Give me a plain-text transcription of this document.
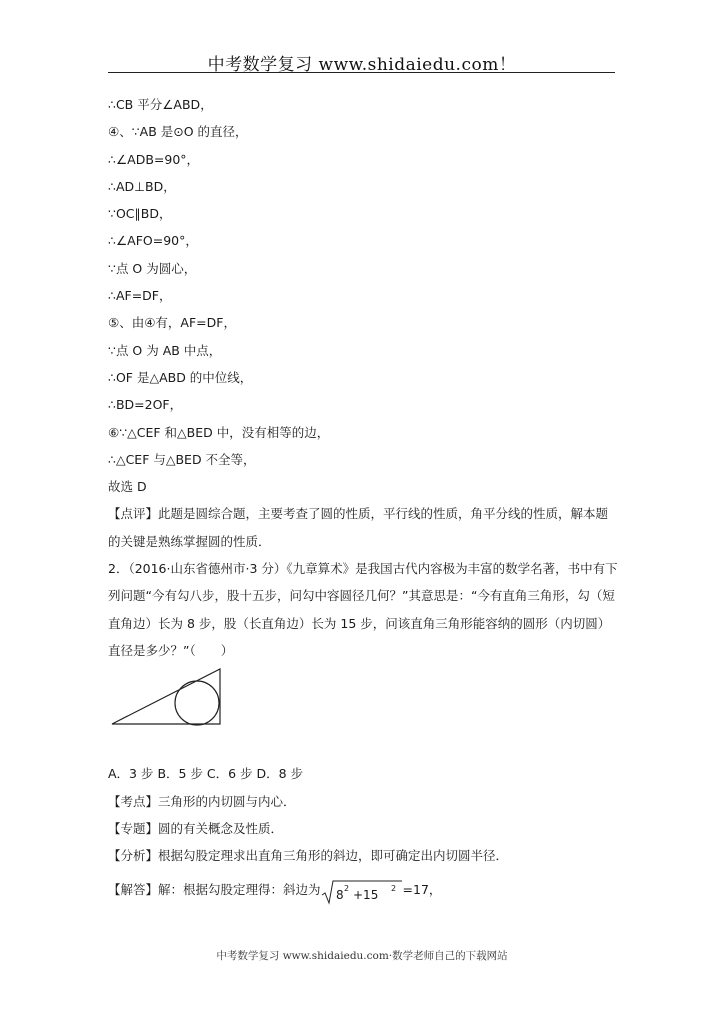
中考数学复习 www.shidaiedu.com！
∴CB 平分∠ABD，
④、∵AB 是⊙O 的直径，
∴∠ADB=90°，
∴AD⊥BD，
∵OC∥BD，
∴∠AFO=90°，
∵点 O 为圆心，
∴AF=DF，
⑤、由④有，AF=DF，
∵点 O 为 AB 中点，
∴OF 是△ABD 的中位线，
∴BD=2OF，
⑥∵△CEF 和△BED 中，没有相等的边，
∴△CEF 与△BED 不全等，
故选 D
【点评】此题是圆综合题，主要考查了圆的性质，平行线的性质，角平分线的性质，解本题的关键是熟练掌握圆的性质．
2．（2016·山东省德州市·3 分）《九章算术》是我国古代内容极为丰富的数学名著，书中有下列问题“今有勾八步，股十五步，问勾中容圆径几何？”其意思是：“今有直角三角形，勾（短直角边）长为 8 步，股（长直角边）长为 15 步，问该直角三角形能容纳的圆形（内切圆）直径是多少？”（　　）
A．3 步 B．5 步 C．6 步 D．8 步
【考点】三角形的内切圆与内心．
【专题】圆的有关概念及性质．
【分析】根据勾股定理求出直角三角形的斜边，即可确定出内切圆半径．
【解答】解：根据勾股定理得：斜边为 8 2 +15 2 =17，
中考数学复习 www.shidaiedu.com·数学老师自己的下载网站
